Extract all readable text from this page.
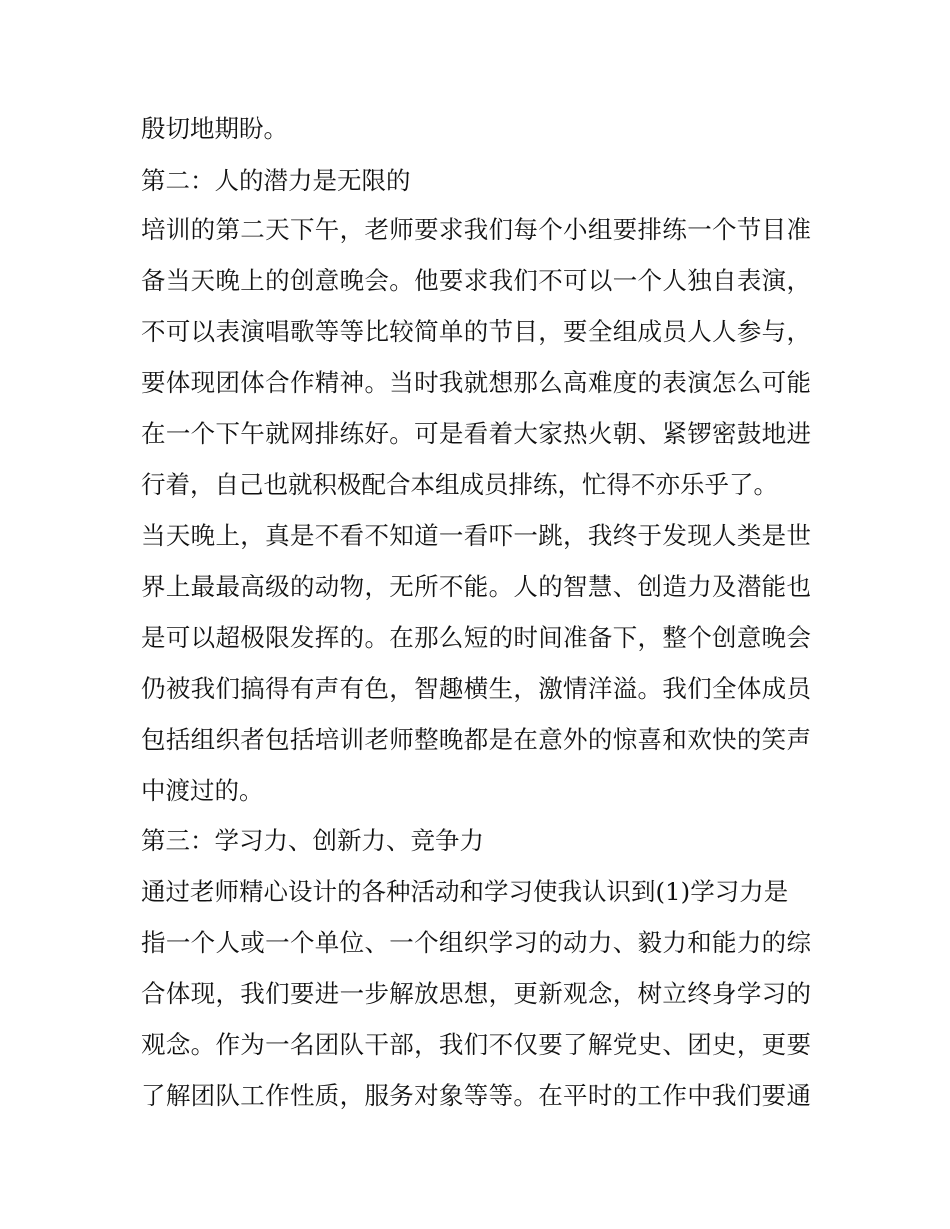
殷切地期盼。

第二：人的潜力是无限的

培训的第二天下午，老师要求我们每个小组要排练一个节目准

备当天晚上的创意晚会。他要求我们不可以一个人独自表演，

不可以表演唱歌等等比较简单的节目，要全组成员人人参与，

要体现团体合作精神。当时我就想那么高难度的表演怎么可能

在一个下午就网排练好。可是看着大家热火朝、紧锣密鼓地进

行着，自己也就积极配合本组成员排练，忙得不亦乐乎了。

当天晚上，真是不看不知道一看吓一跳，我终于发现人类是世

界上最最高级的动物，无所不能。人的智慧、创造力及潜能也

是可以超极限发挥的。在那么短的时间准备下，整个创意晚会

仍被我们搞得有声有色，智趣横生，激情洋溢。我们全体成员

包括组织者包括培训老师整晚都是在意外的惊喜和欢快的笑声

中渡过的。

第三：学习力、创新力、竞争力

通过老师精心设计的各种活动和学习使我认识到(1)学习力是

指一个人或一个单位、一个组织学习的动力、毅力和能力的综

合体现，我们要进一步解放思想，更新观念，树立终身学习的

观念。作为一名团队干部，我们不仅要了解党史、团史，更要

了解团队工作性质，服务对象等等。在平时的工作中我们要通
